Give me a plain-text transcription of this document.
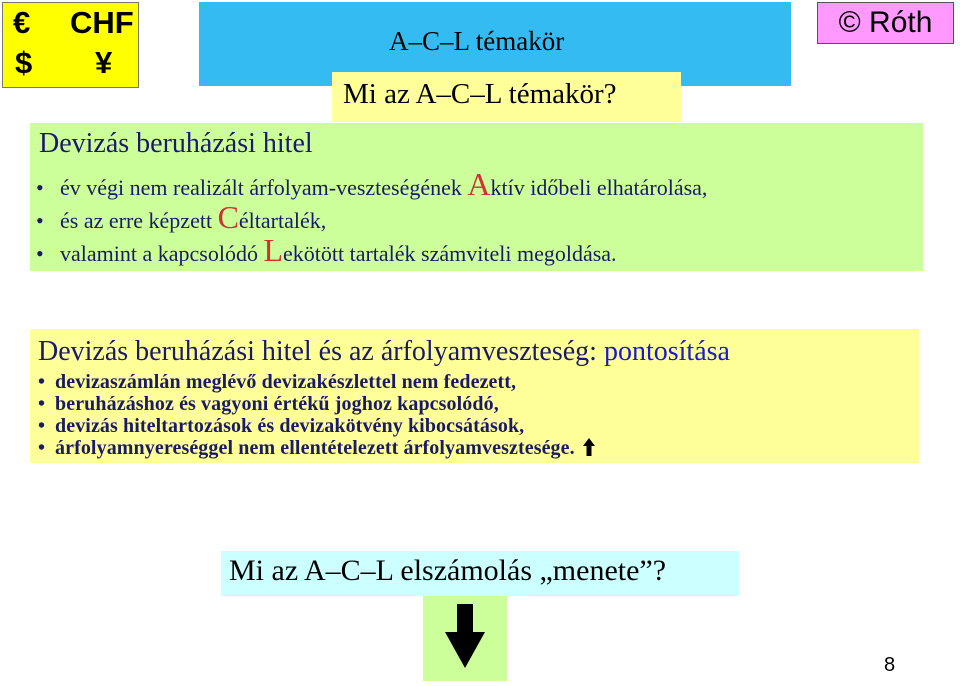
€ CHF
$ ¥
A–C–L témakör
Mi az A–C–L témakör?
© Róth
Devizás beruházási hitel
• év végi nem realizált árfolyam-veszteségének Aktív időbeli elhatárolása,
• és az erre képzett Céltartalék,
• valamint a kapcsolódó Lekötött tartalék számviteli megoldása.
Devizás beruházási hitel és az árfolyamveszteség: pontosítása
• devizaszámlán meglévő devizakészlettel nem fedezett,
• beruházáshoz és vagyoni értékű joghoz kapcsolódó,
• devizás hiteltartozások és devizakötvény kibocsátások,
• árfolyamnyereséggel nem ellentételezett árfolyamvesztesége.
Mi az A–C–L elszámolás „menete”?
8
